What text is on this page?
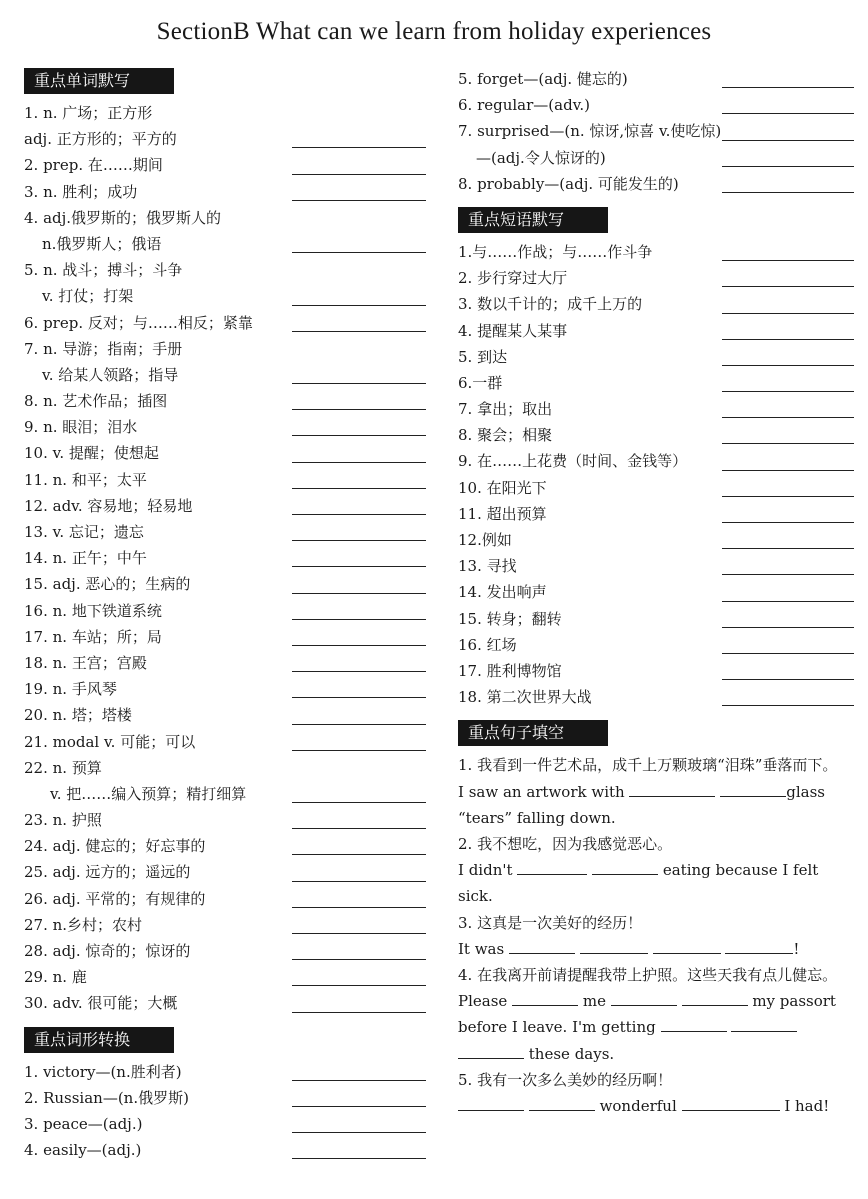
SectionB What can we learn from holiday experiences
重点单词默写
1. n. 广场；正方形
adj. 正方形的；平方的
2. prep. 在……期间
3. n. 胜利；成功
4. adj.俄罗斯的；俄罗斯人的
n.俄罗斯人；俄语
5. n. 战斗；搏斗；斗争
v. 打仗；打架
6. prep. 反对；与……相反；紧靠
7. n. 导游；指南；手册
v. 给某人领路；指导
8. n. 艺术作品；插图
9. n. 眼泪；泪水
10. v. 提醒；使想起
11. n. 和平；太平
12. adv. 容易地；轻易地
13. v. 忘记；遗忘
14. n. 正午；中午
15. adj. 恶心的；生病的
16. n. 地下铁道系统
17. n. 车站；所；局
18. n. 王宫；宫殿
19. n. 手风琴
20. n. 塔；塔楼
21. modal v. 可能；可以
22. n. 预算
v. 把……编入预算；精打细算
23. n. 护照
24. adj. 健忘的；好忘事的
25. adj. 远方的；遥远的
26. adj. 平常的；有规律的
27. n.乡村；农村
28. adj. 惊奇的；惊讶的
29. n. 鹿
30. adv. 很可能；大概
重点词形转换
1. victory—(n.胜利者)
2. Russian—(n.俄罗斯)
3. peace—(adj.)
4. easily—(adj.)
5. forget—(adj. 健忘的)
6. regular—(adv.)
7. surprised—(n. 惊讶,惊喜 v.使吃惊)
—(adj.令人惊讶的)
8. probably—(adj. 可能发生的)
重点短语默写
1.与……作战；与……作斗争
2. 步行穿过大厅
3. 数以千计的；成千上万的
4. 提醒某人某事
5. 到达
6.一群
7. 拿出；取出
8. 聚会；相聚
9. 在……上花费（时间、金钱等）
10. 在阳光下
11. 超出预算
12.例如
13. 寻找
14. 发出响声
15. 转身；翻转
16. 红场
17. 胜利博物馆
18. 第二次世界大战
重点句子填空

1. 我看到一件艺术品，成千上万颗玻璃“泪珠”垂落而下。

I saw an artwork with	glass

“tears” falling down.

2. 我不想吃，因为我感觉恶心。

I didn't	eating because I felt

sick.

3. 这真是一次美好的经历！

It was	!

4. 在我离开前请提醒我带上护照。这些天我有点儿健忘。

Please	me	my passort

before I leave. I'm getting

these days.

5. 我有一次多么美妙的经历啊！

wonderful	I had!
